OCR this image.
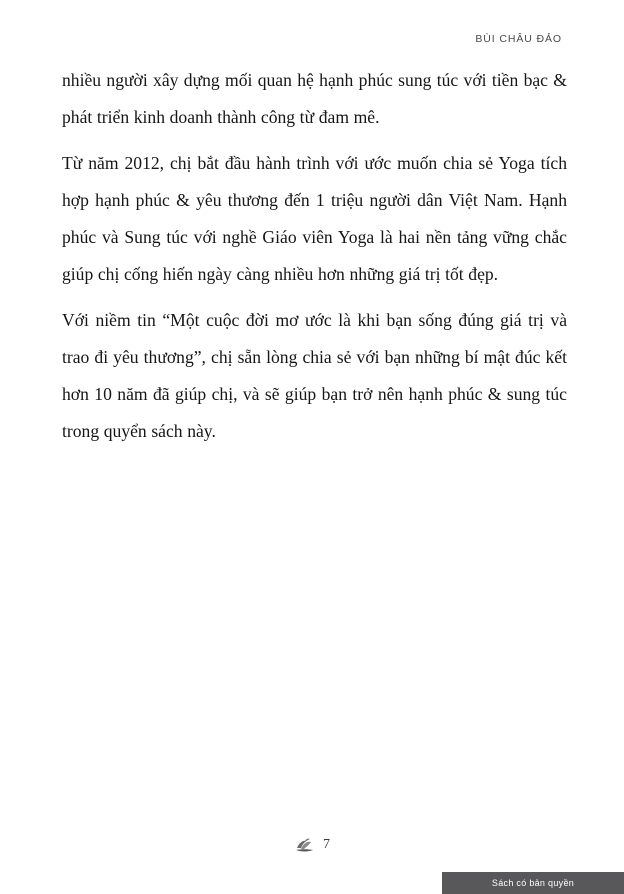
BÙI CHÂU ĐẢO

nhiều người xây dựng mối quan hệ hạnh phúc sung túc với tiền bạc & phát triển kinh doanh thành công từ đam mê.

Từ năm 2012, chị bắt đầu hành trình với ước muốn chia sẻ Yoga tích hợp hạnh phúc & yêu thương đến 1 triệu người dân Việt Nam. Hạnh phúc và Sung túc với nghề Giáo viên Yoga là hai nền tảng vững chắc giúp chị cống hiến ngày càng nhiều hơn những giá trị tốt đẹp.

Với niềm tin “Một cuộc đời mơ ước là khi bạn sống đúng giá trị và trao đi yêu thương”, chị sẵn lòng chia sẻ với bạn những bí mật đúc kết hơn 10 năm đã giúp chị, và sẽ giúp bạn trở nên hạnh phúc & sung túc trong quyển sách này.

7
Sách có bản quyền
